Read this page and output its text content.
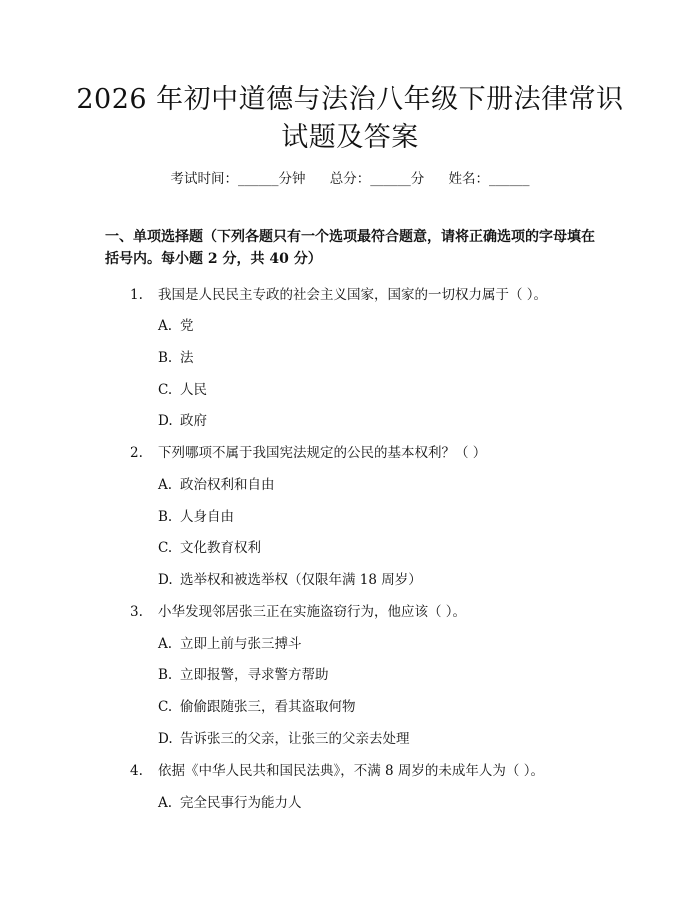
2026 年初中道德与法治八年级下册法律常识
试题及答案
考试时间：______分钟 总分：______分 姓名：______
一、单项选择题（下列各题只有一个选项最符合题意，请将正确选项的字母填在括号内。每小题 2 分，共 40 分）
1. 我国是人民民主专政的社会主义国家，国家的一切权力属于（ ）。
A. 党
B. 法
C. 人民
D. 政府
2. 下列哪项不属于我国宪法规定的公民的基本权利？（ ）
A. 政治权利和自由
B. 人身自由
C. 文化教育权利
D. 选举权和被选举权（仅限年满 18 周岁）
3. 小华发现邻居张三正在实施盗窃行为，他应该（ ）。
A. 立即上前与张三搏斗
B. 立即报警，寻求警方帮助
C. 偷偷跟随张三，看其盗取何物
D. 告诉张三的父亲，让张三的父亲去处理
4. 依据《中华人民共和国民法典》，不满 8 周岁的未成年人为（ ）。
A. 完全民事行为能力人
